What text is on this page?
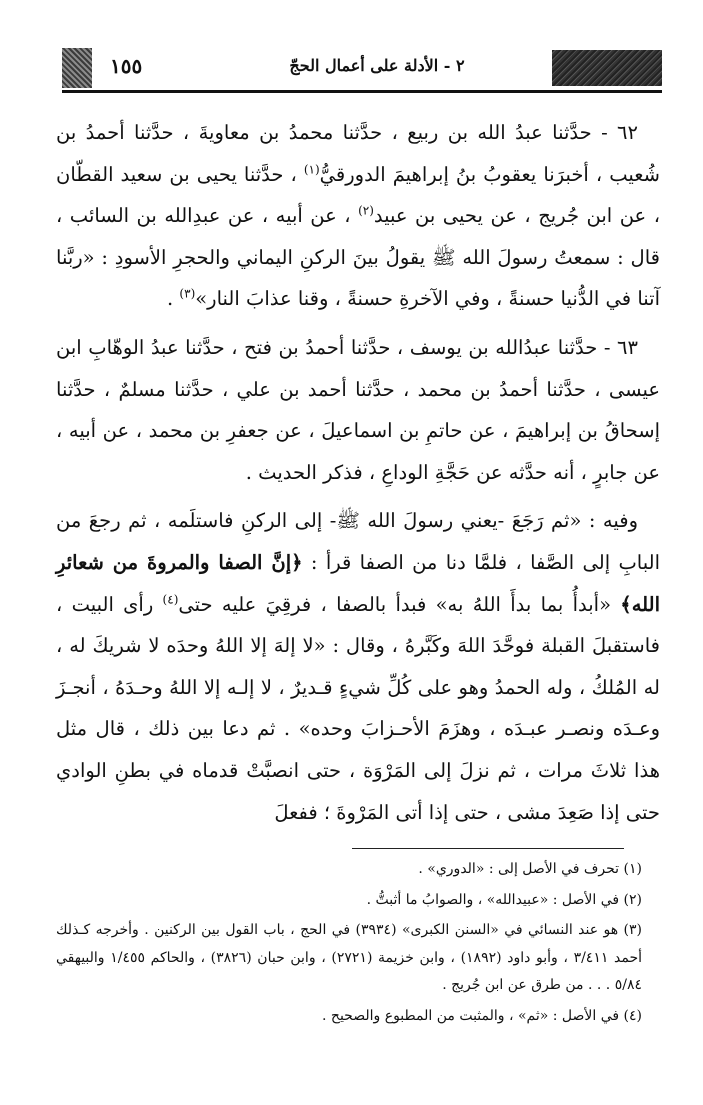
١٥٥	٢ - الأدلة على أعمال الحجّ

٦٢ - حدَّثنا عبدُ الله بن ربيع ، حدَّثنا محمدُ بن معاويةَ ، حدَّثنا أحمدُ بن شُعيب ، أخبرَنا يعقوبُ بنُ إبراهيمَ الدورقيُّ$^{(١)}$ ، حدَّثنا يحيى بن سعيد القطّان ، عن ابن جُريج ، عن يحيى بن عبيد$^{(٢)}$ ، عن أبيه ، عن عبدِالله بن السائب ، قال : سمعتُ رسولَ الله ﷺ يقولُ بينَ الركنِ اليماني والحجرِ الأسودِ : «ربَّنا آتنا في الدُّنيا حسنةً ، وفي الآخرةِ حسنةً ، وقنا عذابَ النار»$^{(٣)}$ .

٦٣ - حدَّثنا عبدُالله بن يوسف ، حدَّثنا أحمدُ بن فتح ، حدَّثنا عبدُ الوهّابِ ابن عيسى ، حدَّثنا أحمدُ بن محمد ، حدَّثنا أحمد بن علي ، حدَّثنا مسلمٌ ، حدَّثنا إسحاقُ بن إبراهيمَ ، عن حاتمِ بن اسماعيلَ ، عن جعفرِ بن محمد ، عن أبيه ، عن جابرٍ ، أنه حدَّثه عن حَجَّةِ الوداعِ ، فذكر الحديث .

وفيه : «ثم رَجَعَ -يعني رسولَ الله ﷺ- إلى الركنِ فاستلَمه ، ثم رجعَ من البابِ إلى الصَّفا ، فلمَّا دنا من الصفا قرأ : ﴿إنَّ الصفا والمروةَ من شعائرِ الله﴾ «أبدأُ بما بدأَ اللهُ به» فبدأ بالصفا ، فرقِيَ عليه حتى$^{(٤)}$ رأى البيت ، فاستقبلَ القبلة فوحَّدَ اللهَ وكَبَّرهُ ، وقال : «لا إلهَ إلا اللهُ وحدَه لا شريكَ له ، له المُلكُ ، وله الحمدُ وهو على كُلِّ شيءٍ قـديرٌ ، لا إلـه إلا اللهُ وحـدَهُ ، أنجـزَ وعـدَه ونصـر عبـدَه ، وهزَمَ الأحـزابَ وحده» . ثم دعا بين ذلك ، قال مثل هذا ثلاثَ مرات ، ثم نزلَ إلى المَرْوَة ، حتى انصبَّتْ قدماه في بطنِ الوادي حتى إذا صَعِدَ مشى ، حتى إذا أتى المَرْوةَ ؛ ففعلَ

(١) تحرف في الأصل إلى : «الدوري» .

(٢) في الأصل : «عبيدالله» ، والصوابُ ما أثبتُّ .

(٣) هو عند النسائي في «السنن الكبرى» (٣٩٣٤) في الحج ، باب القول بين الركنين . وأخرجه كـذلك أحمد ٣/٤١١ ، وأبو داود (١٨٩٢) ، وابن خزيمة (٢٧٢١) ، وابن حبان (٣٨٢٦) ، والحاكم ١/٤٥٥ والبيهقي ٥/٨٤ . . . من طرق عن ابن جُريج .

(٤) في الأصل : «ثم» ، والمثبت من المطبوع والصحيح .
